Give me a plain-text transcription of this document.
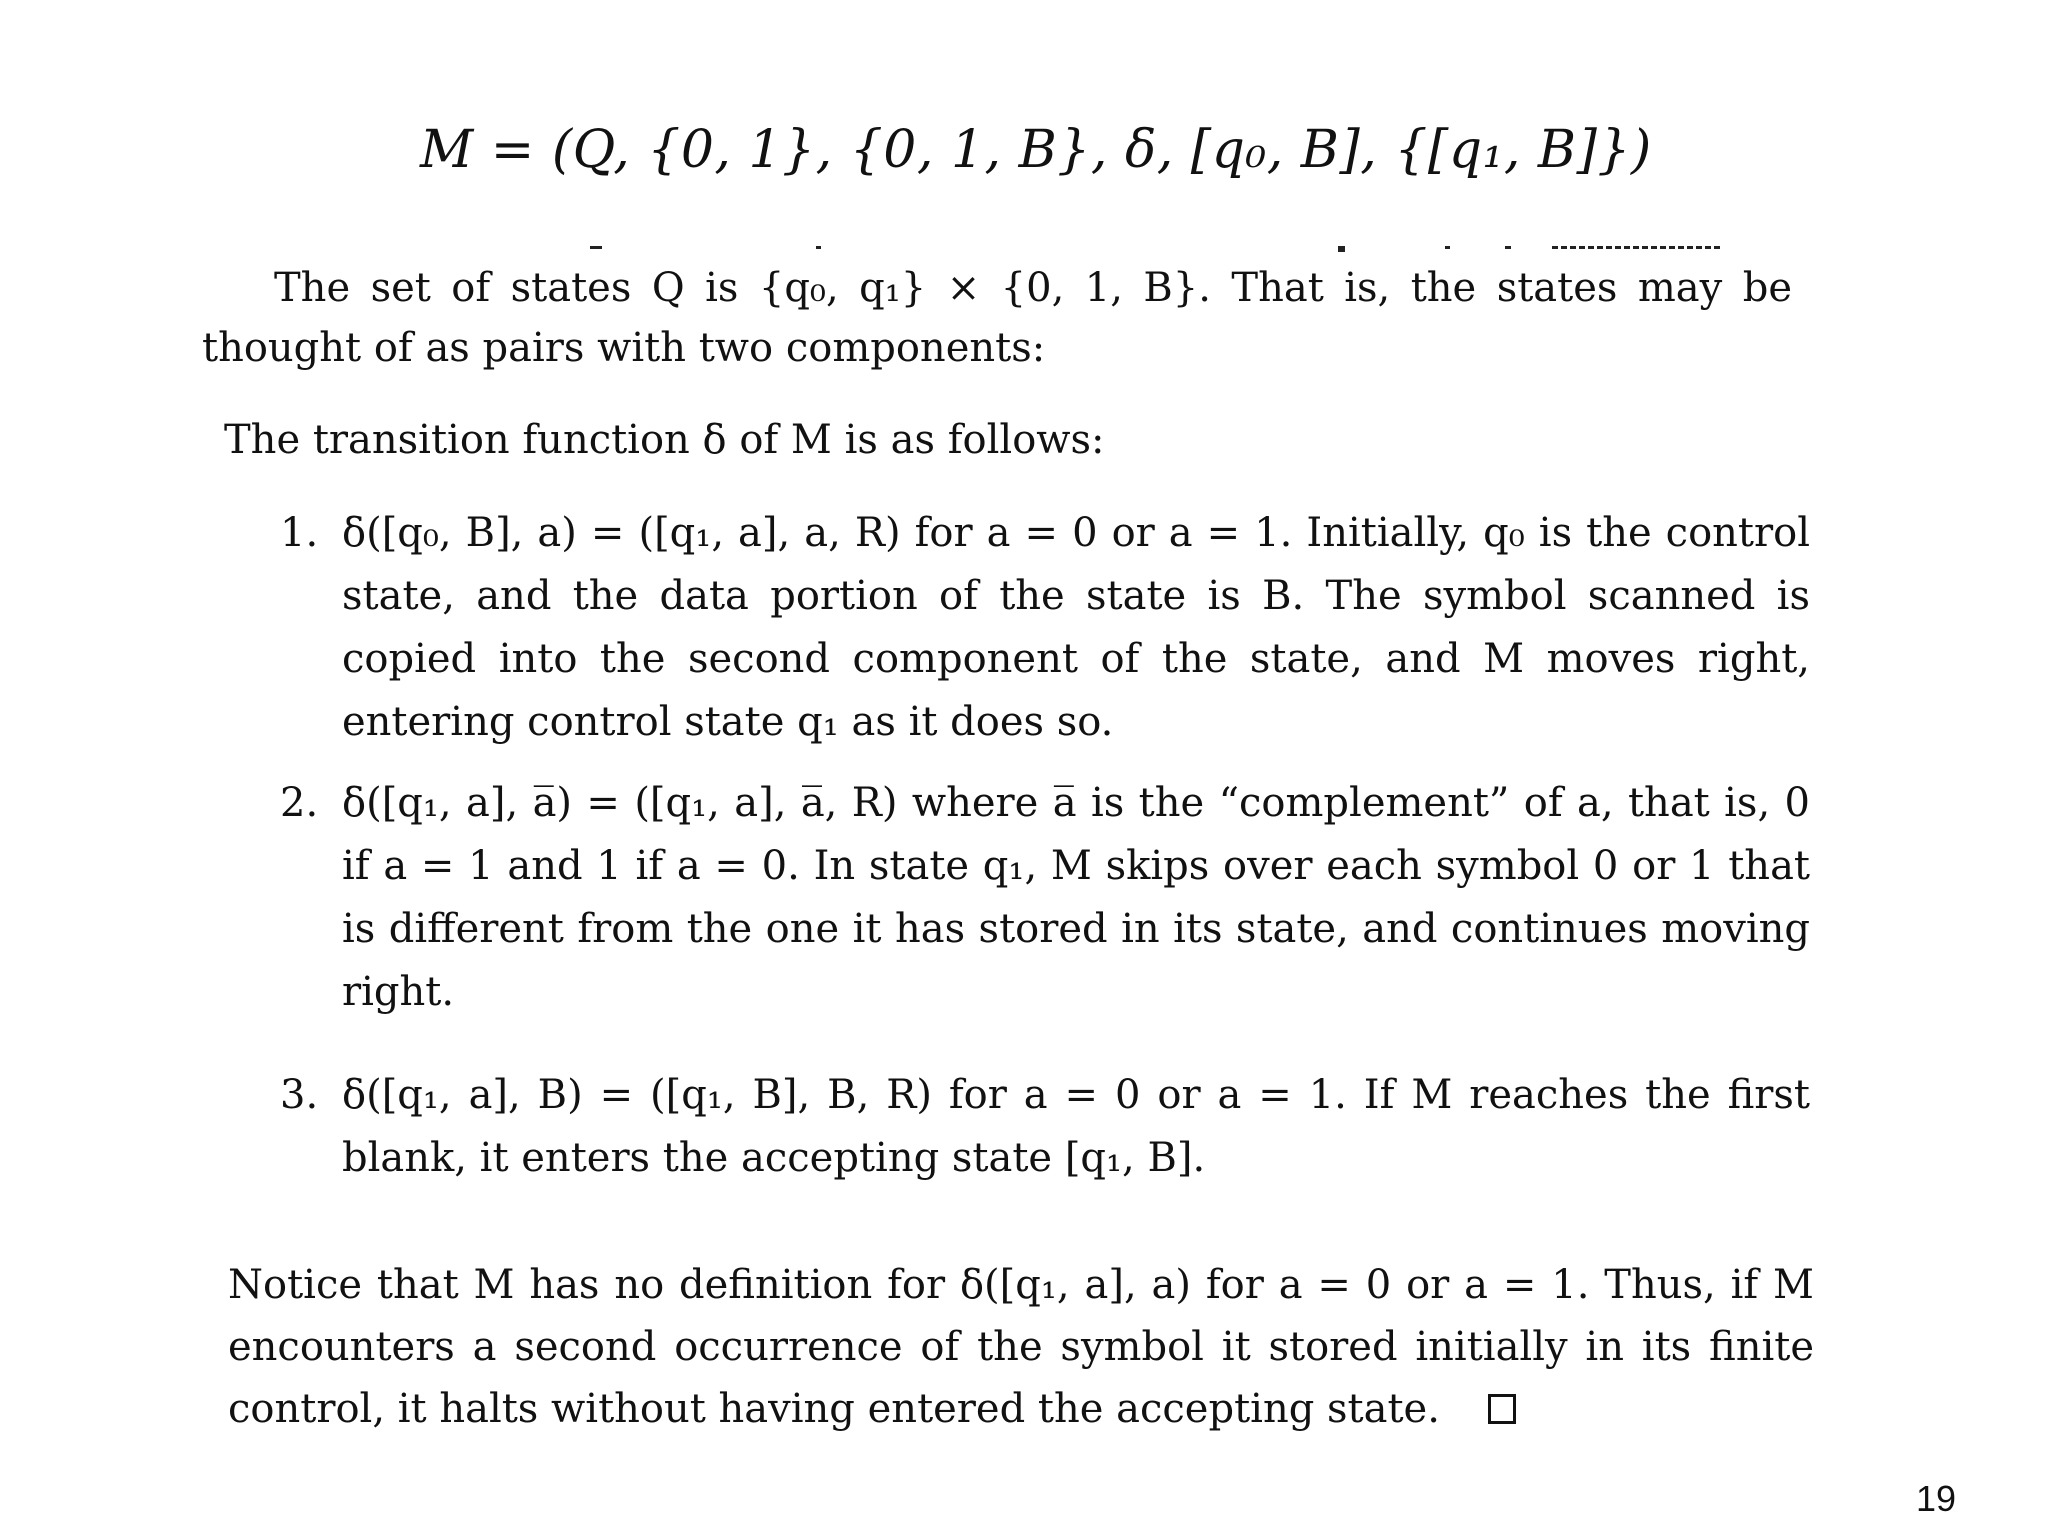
M = (Q, {0, 1}, {0, 1, B}, δ, [q₀, B], {[q₁, B]})

The set of states Q is {q₀, q₁} × {0, 1, B}. That is, the states may be thought of as pairs with two components:

The transition function δ of M is as follows:

1. δ([q₀, B], a) = ([q₁, a], a, R) for a = 0 or a = 1. Initially, q₀ is the control state, and the data portion of the state is B. The symbol scanned is copied into the second component of the state, and M moves right, entering control state q₁ as it does so.
2. δ([q₁, a], a̅) = ([q₁, a], a̅, R) where a̅ is the “complement” of a, that is, 0 if a = 1 and 1 if a = 0. In state q₁, M skips over each symbol 0 or 1 that is different from the one it has stored in its state, and continues moving right.
3. δ([q₁, a], B) = ([q₁, B], B, R) for a = 0 or a = 1. If M reaches the first blank, it enters the accepting state [q₁, B].

Notice that M has no definition for δ([q₁, a], a) for a = 0 or a = 1. Thus, if M encounters a second occurrence of the symbol it stored initially in its finite control, it halts without having entered the accepting state.

19
